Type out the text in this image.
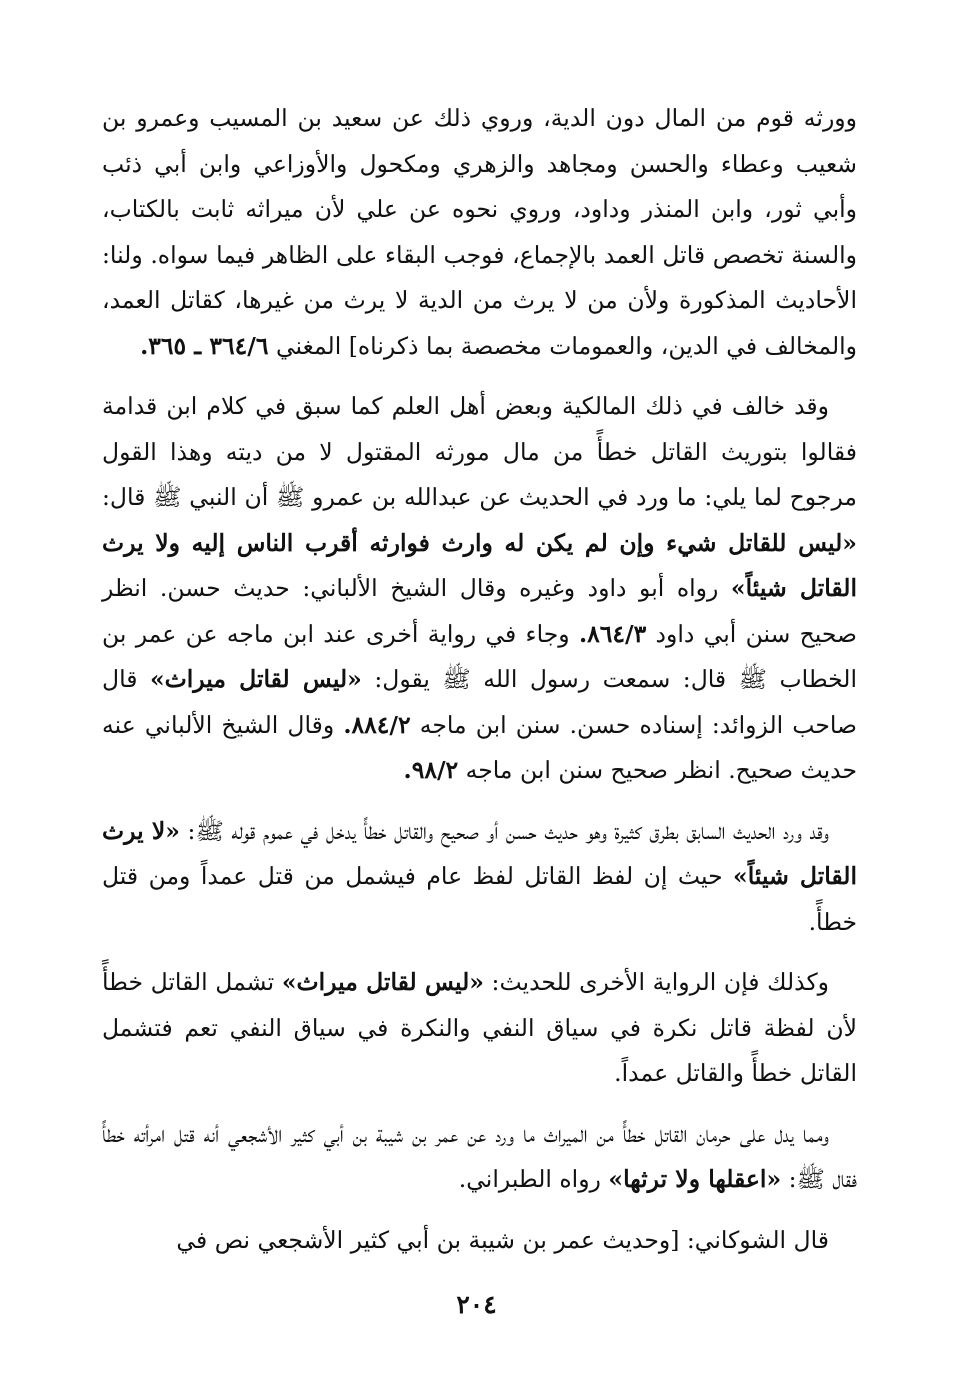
وورثه قوم من المال دون الدية، وروي ذلك عن سعيد بن المسيب وعمرو بن شعيب وعطاء والحسن ومجاهد والزهري ومكحول والأوزاعي وابن أبي ذئب وأبي ثور، وابن المنذر وداود، وروي نحوه عن علي لأن ميراثه ثابت بالكتاب، والسنة تخصص قاتل العمد بالإجماع، فوجب البقاء على الظاهر فيما سواه. ولنا: الأحاديث المذكورة ولأن من لا يرث من الدية لا يرث من غيرها، كقاتل العمد، والمخالف في الدين، والعمومات مخصصة بما ذكرناه] المغني ٦/‏٣٦٤ ـ ٣٦٥.

وقد خالف في ذلك المالكية وبعض أهل العلم كما سبق في كلام ابن قدامة فقالوا بتوريث القاتل خطأً من مال مورثه المقتول لا من ديته وهذا القول مرجوح لما يلي: ما ورد في الحديث عن عبدالله بن عمرو ﷺ أن النبي ﷺ قال: «ليس للقاتل شيء وإن لم يكن له وارث فوارثه أقرب الناس إليه ولا يرث القاتل شيئاً» رواه أبو داود وغيره وقال الشيخ الألباني: حديث حسن. انظر صحيح سنن أبي داود ٣/‏٨٦٤. وجاء في رواية أخرى عند ابن ماجه عن عمر بن الخطاب ﷺ قال: سمعت رسول الله ﷺ يقول: «ليس لقاتل ميراث» قال صاحب الزوائد: إسناده حسن. سنن ابن ماجه ٢/‏٨٨٤. وقال الشيخ الألباني عنه حديث صحيح. انظر صحيح سنن ابن ماجه ٢/‏٩٨.

وقد ورد الحديث السابق بطرق كثيرة وهو حديث حسن أو صحيح والقاتل خطأً يدخل في عموم قوله ﷺ: «لا يرث القاتل شيئاً» حيث إن لفظ القاتل لفظ عام فيشمل من قتل عمداً ومن قتل خطأً.

وكذلك فإن الرواية الأخرى للحديث: «ليس لقاتل ميراث» تشمل القاتل خطأً لأن لفظة قاتل نكرة في سياق النفي والنكرة في سياق النفي تعم فتشمل القاتل خطأً والقاتل عمداً.

ومما يدل على حرمان القاتل خطأً من الميراث ما ورد عن عمر بن شيبة بن أبي كثير الأشجعي أنه قتل امرأته خطأً فقال ﷺ: «اعقلها ولا ترثها» رواه الطبراني.

قال الشوكاني: [وحديث عمر بن شيبة بن أبي كثير الأشجعي نص في

٢٠٤
